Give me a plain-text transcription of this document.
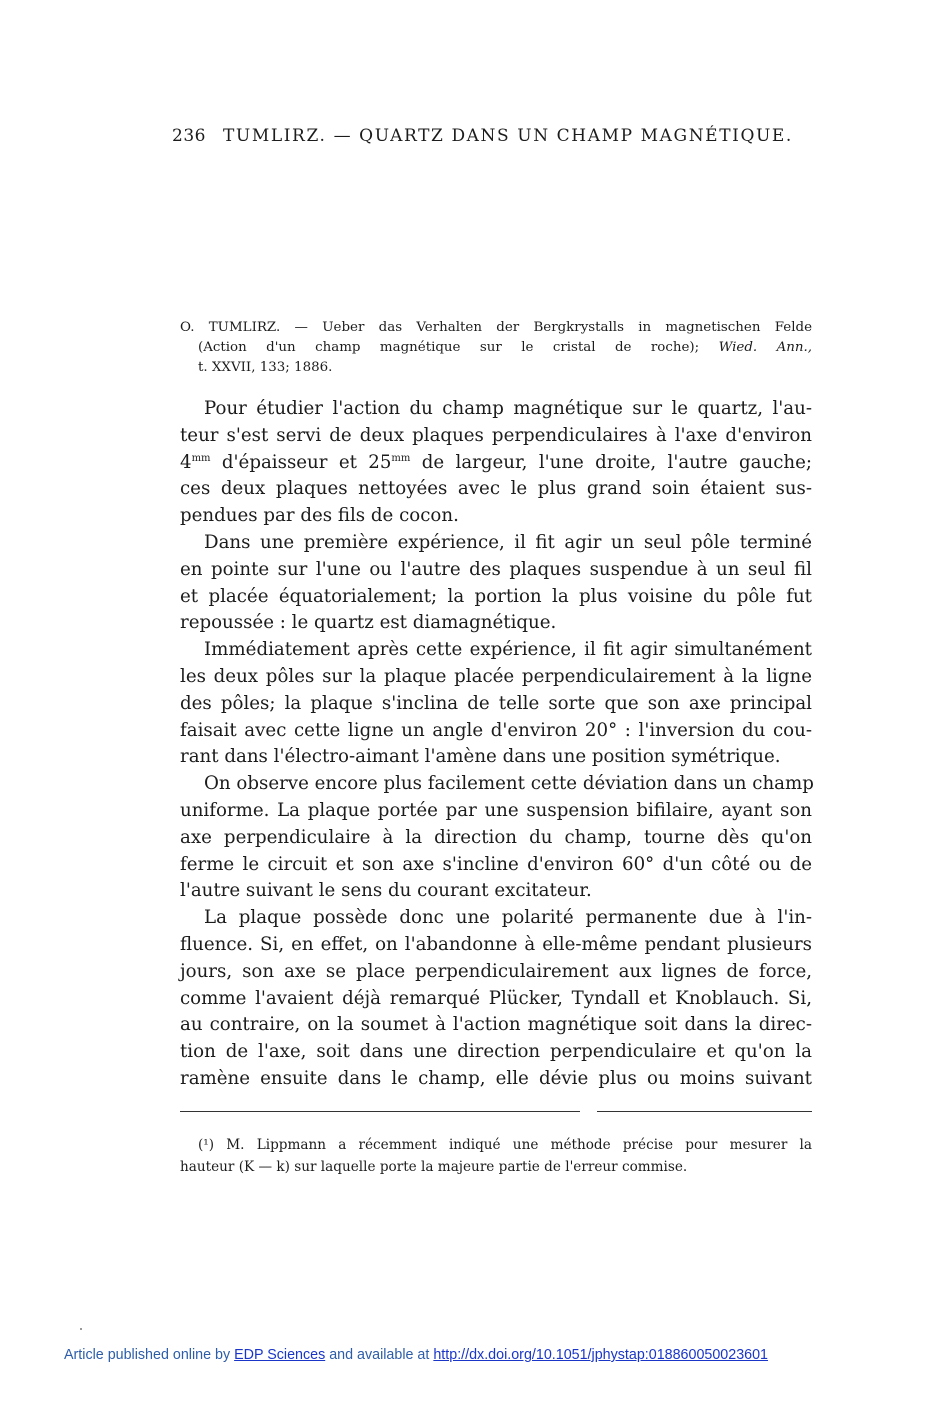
236 TUMLIRZ. — QUARTZ DANS UN CHAMP MAGNÉTIQUE.

O. TUMLIRZ. — Ueber das Verhalten der Bergkrystalls in magnetischen Felde

(Action d'un champ magnétique sur le cristal de roche); Wied. Ann.,

t. XXVII, 133; 1886.

Pour étudier l'action du champ magnétique sur le quartz, l'au-
teur s'est servi de deux plaques perpendiculaires à l'axe d'environ
$4^{mm}$ d'épaisseur et $25^{mm}$ de largeur, l'une droite, l'autre gauche;
ces deux plaques nettoyées avec le plus grand soin étaient sus-
pendues par des fils de cocon.
Dans une première expérience, il fit agir un seul pôle terminé
en pointe sur l'une ou l'autre des plaques suspendue à un seul fil
et placée équatorialement; la portion la plus voisine du pôle fut
repoussée : le quartz est diamagnétique.
Immédiatement après cette expérience, il fit agir simultanément
les deux pôles sur la plaque placée perpendiculairement à la ligne
des pôles; la plaque s'inclina de telle sorte que son axe principal
faisait avec cette ligne un angle d'environ 20° : l'inversion du cou-
rant dans l'électro-aimant l'amène dans une position symétrique.
On observe encore plus facilement cette déviation dans un champ
uniforme. La plaque portée par une suspension bifilaire, ayant son
axe perpendiculaire à la direction du champ, tourne dès qu'on
ferme le circuit et son axe s'incline d'environ 60° d'un côté ou de
l'autre suivant le sens du courant excitateur.
La plaque possède donc une polarité permanente due à l'in-
fluence. Si, en effet, on l'abandonne à elle-même pendant plusieurs
jours, son axe se place perpendiculairement aux lignes de force,
comme l'avaient déjà remarqué Plücker, Tyndall et Knoblauch. Si,
au contraire, on la soumet à l'action magnétique soit dans la direc-
tion de l'axe, soit dans une direction perpendiculaire et qu'on la
ramène ensuite dans le champ, elle dévie plus ou moins suivant
(¹) M. Lippmann a récemment indiqué une méthode précise pour mesurer la
hauteur (K — k) sur laquelle porte la majeure partie de l'erreur commise.
Article published online by EDP Sciences and available at http://dx.doi.org/10.1051/jphystap:018860050023601
